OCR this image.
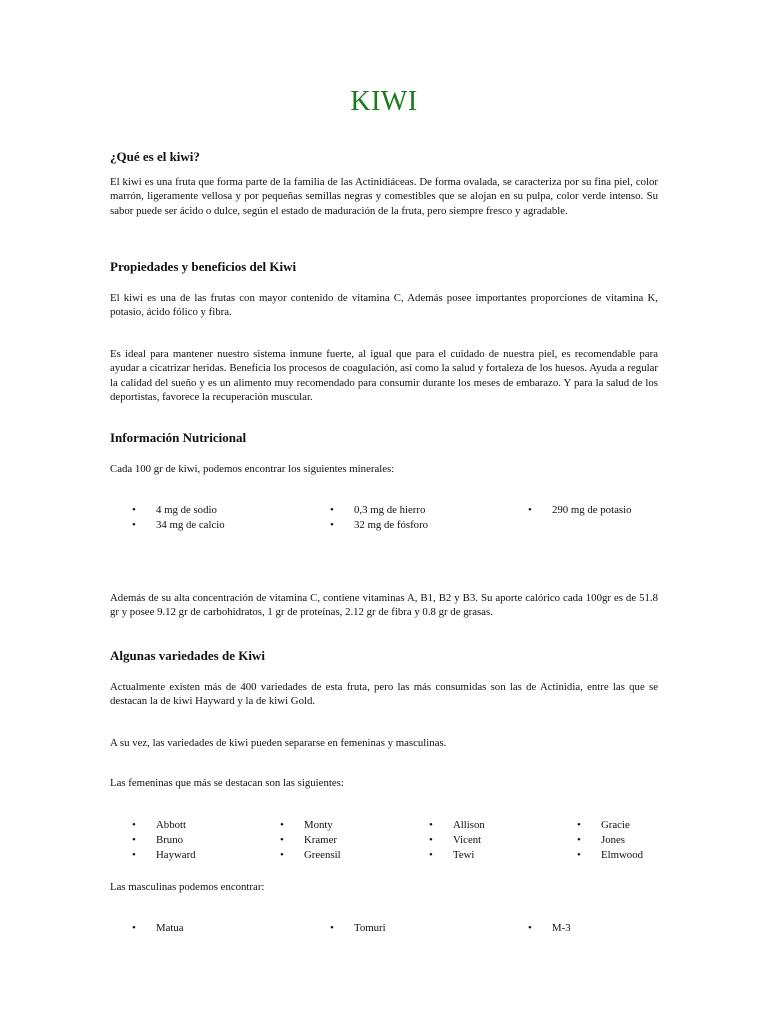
KIWI
¿Qué es el kiwi?

El kiwi es una fruta que forma parte de la familia de las Actinidiáceas. De forma ovalada, se caracteriza por su fina piel, color marrón, ligeramente vellosa y por pequeñas semillas negras y comestibles que se alojan en su pulpa, color verde intenso. Su sabor puede ser ácido o dulce, según el estado de maduración de la fruta, pero siempre fresco y agradable.

Propiedades y beneficios del Kiwi

El kiwi es una de las frutas con mayor contenido de vitamina C, Además posee importantes proporciones de vitamina K, potasio, ácido fólico y fibra.

Es ideal para mantener nuestro sistema inmune fuerte, al igual que para el cuidado de nuestra piel, es recomendable para ayudar a cicatrizar heridas. Beneficia los procesos de coagulación, así como la salud y fortaleza de los huesos. Ayuda a regular la calidad del sueño y es un alimento muy recomendado para consumir durante los meses de embarazo. Y para la salud de los deportistas, favorece la recuperación muscular.

Información Nutricional

Cada 100 gr de kiwi, podemos encontrar los siguientes minerales:

• 4 mg de sodio
• 34 mg de calcio
• 0,3 mg de hierro
• 32 mg de fósforo
• 290 mg de potasio

Además de su alta concentración de vitamina C, contiene vitaminas A, B1, B2 y B3. Su aporte calórico cada 100gr es de 51.8 gr y posee 9.12 gr de carbohidratos, 1 gr de proteínas, 2.12 gr de fibra y 0.8 gr de grasas.

Algunas variedades de Kiwi

Actualmente existen más de 400 variedades de esta fruta, pero las más consumidas son las de Actinidia, entre las que se destacan la de kiwi Hayward y la de kiwi Gold.

A su vez, las variedades de kiwi pueden separarse en femeninas y masculinas.

Las femeninas que más se destacan son las siguientes:

• Abbott
• Bruno
• Hayward
• Monty
• Kramer
• Greensil
• Allison
• Vicent
• Tewi
• Gracie
• Jones
• Elmwood

Las masculinas podemos encontrar:

• Matua	• Tomuri	• M-3
